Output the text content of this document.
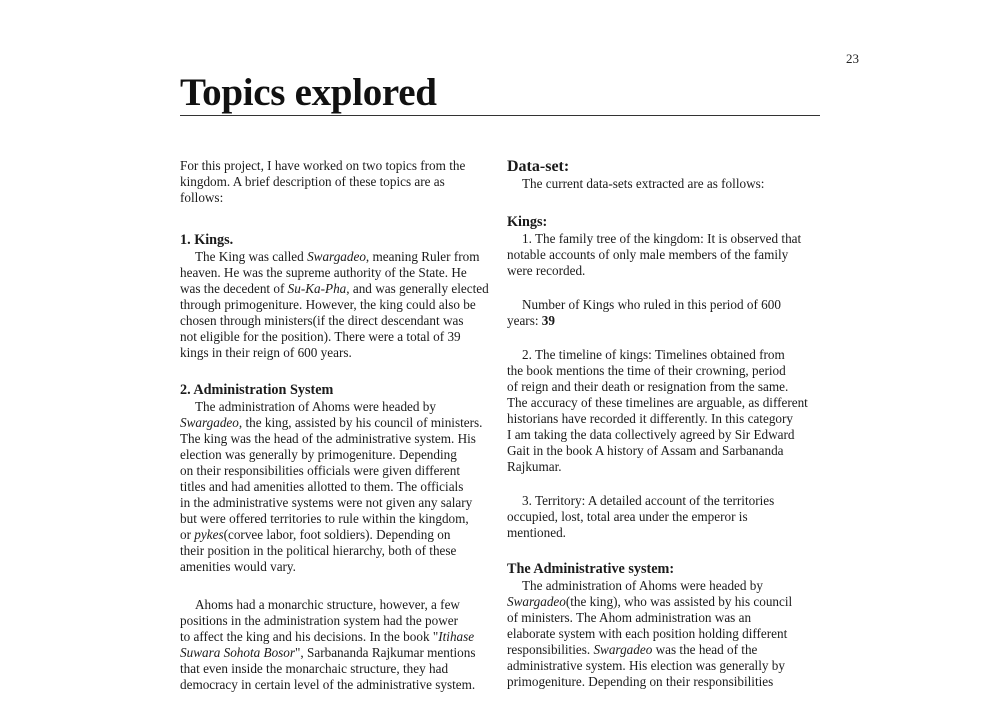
23
Topics explored
For this project, I have worked on two topics from the
kingdom. A brief description of these topics are as
follows:
1. Kings.
The King was called Swargadeo, meaning Ruler from
heaven. He was the supreme authority of the State. He
was the decedent of Su-Ka-Pha, and was generally elected
through primogeniture. However, the king could also be
chosen through ministers(if the direct descendant was
not eligible for the position). There were a total of 39
kings in their reign of 600 years.
2. Administration System
The administration of Ahoms were headed by
Swargadeo, the king, assisted by his council of ministers.
The king was the head of the administrative system. His
election was generally by primogeniture. Depending
on their responsibilities officials were given different
titles and had amenities allotted to them. The officials
in the administrative systems were not given any salary
but were offered territories to rule within the kingdom,
or pykes(corvee labor, foot soldiers). Depending on
their position in the political hierarchy, both of these
amenities would vary.
Ahoms had a monarchic structure, however, a few
positions in the administration system had the power
to affect the king and his decisions. In the book "Itihase
Suwara Sohota Bosor", Sarbananda Rajkumar mentions
that even inside the monarchaic structure, they had
democracy in certain level of the administrative system.
Data-set:
The current data-sets extracted are as follows:
Kings:
1. The family tree of the kingdom: It is observed that
notable accounts of only male members of the family
were recorded.
Number of Kings who ruled in this period of 600
years: 39
2. The timeline of kings: Timelines obtained from
the book mentions the time of their crowning, period
of reign and their death or resignation from the same.
The accuracy of these timelines are arguable, as different
historians have recorded it differently. In this category
I am taking the data collectively agreed by Sir Edward
Gait in the book A history of Assam and Sarbananda
Rajkumar.
3. Territory: A detailed account of the territories
occupied, lost, total area under the emperor is
mentioned.
The Administrative system:
The administration of Ahoms were headed by
Swargadeo(the king), who was assisted by his council
of ministers. The Ahom administration was an
elaborate system with each position holding different
responsibilities. Swargadeo was the head of the
administrative system. His election was generally by
primogeniture. Depending on their responsibilities
